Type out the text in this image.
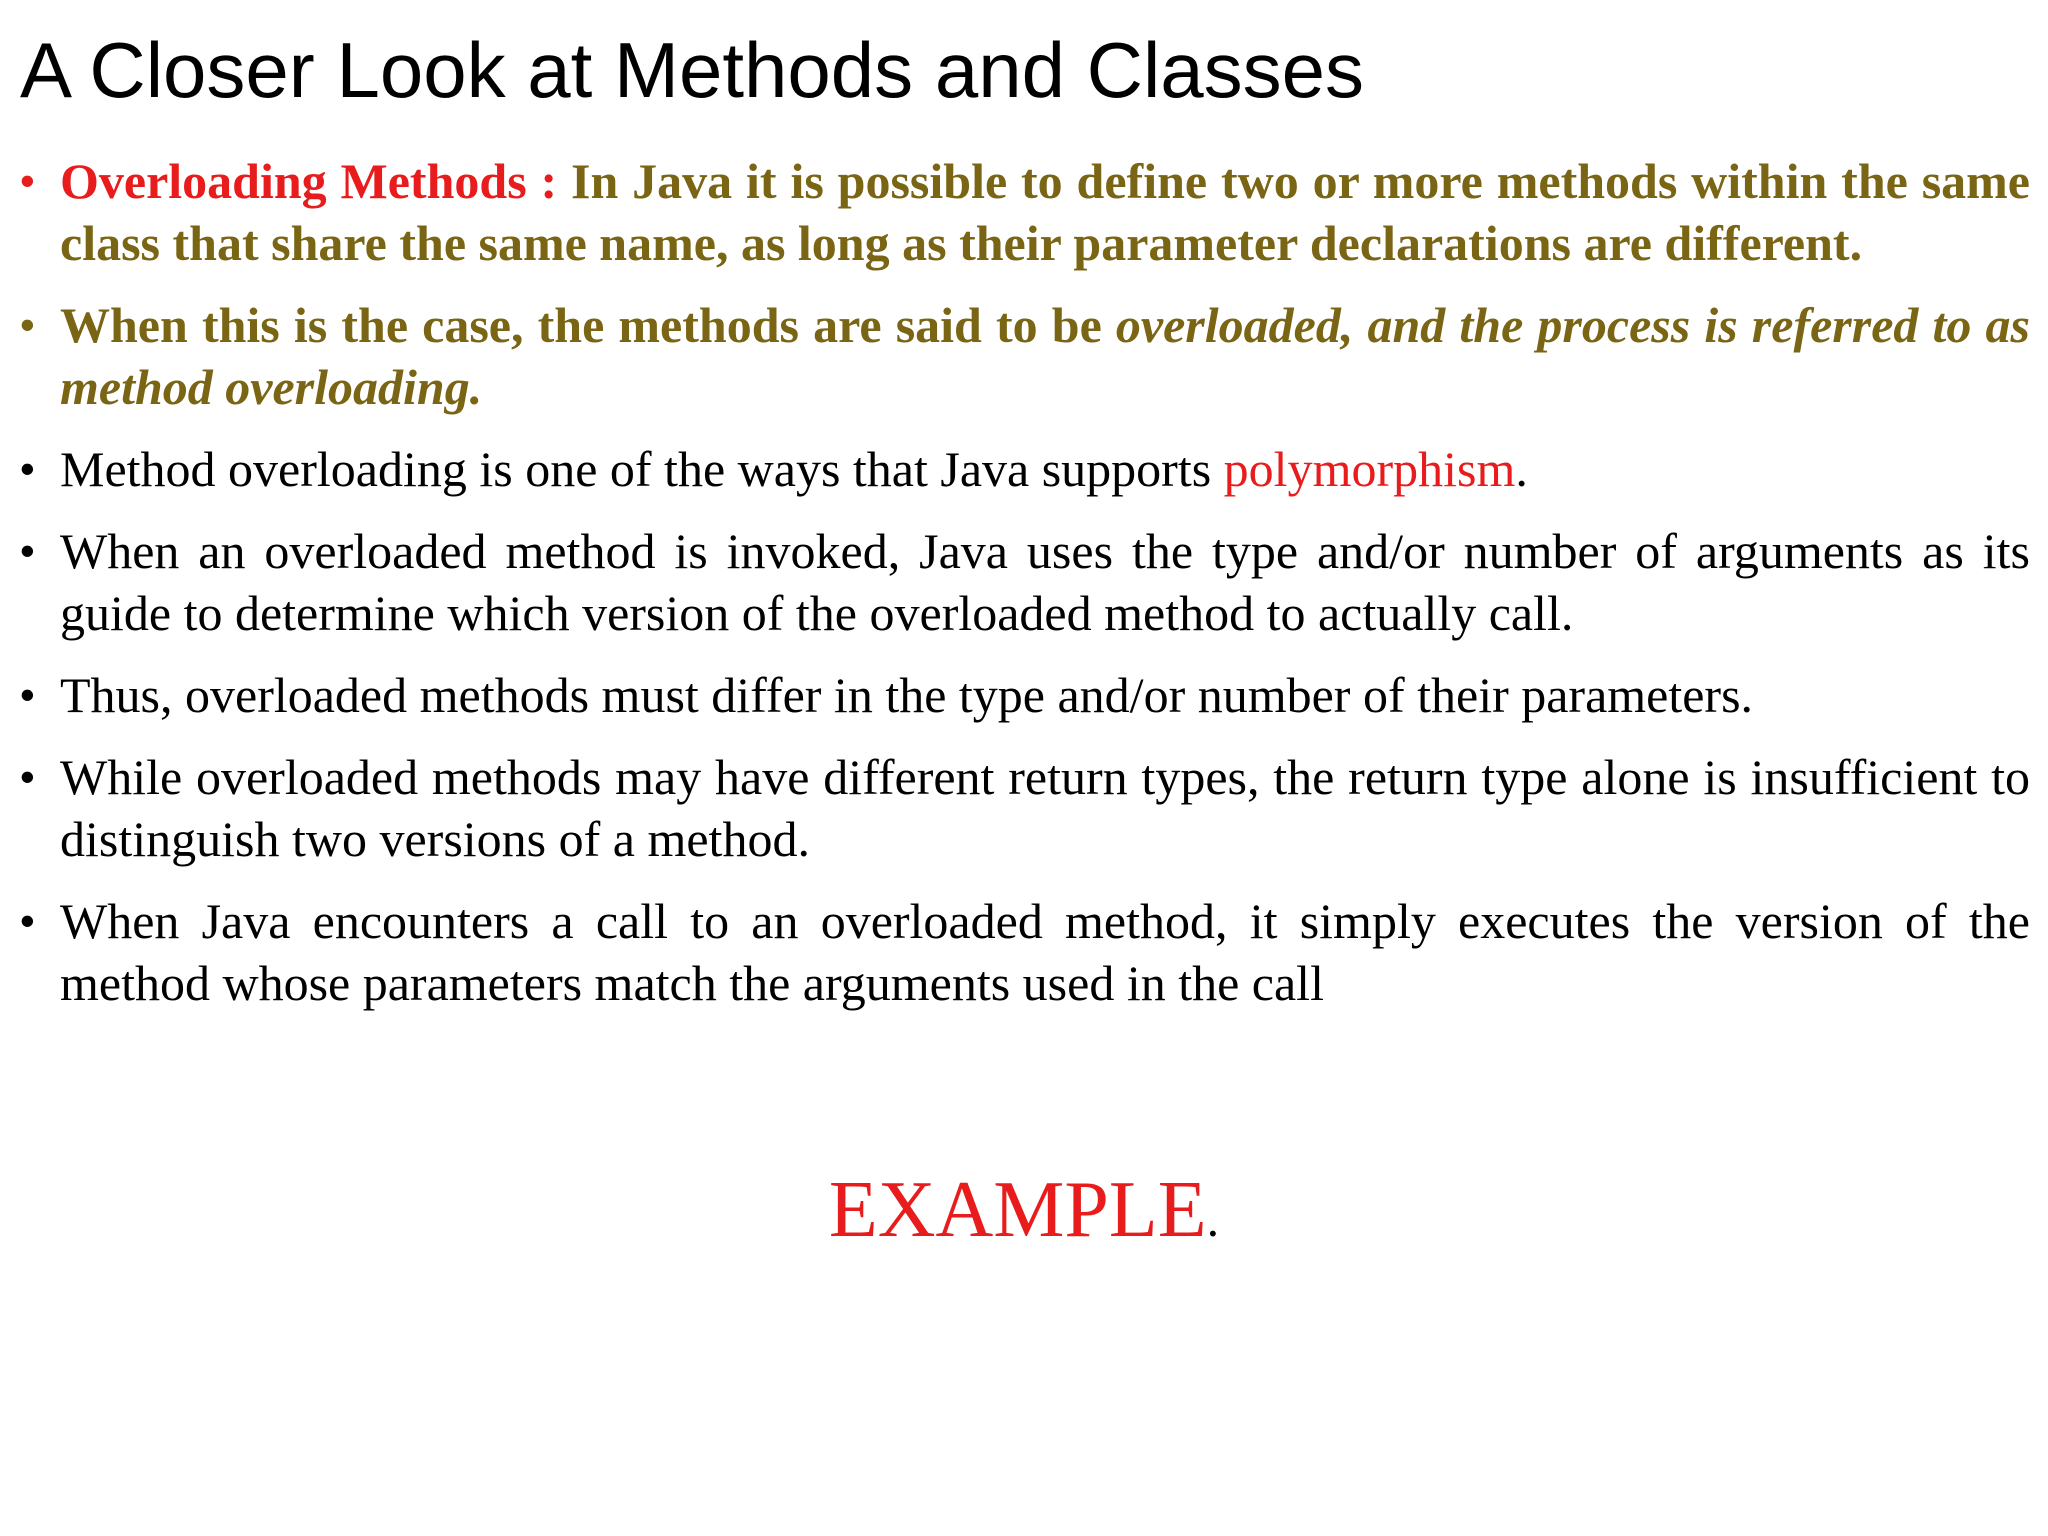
A Closer Look at Methods and Classes
• Overloading Methods : In Java it is possible to define two or more methods within the same class that share the same name, as long as their parameter declarations are different.
• When this is the case, the methods are said to be overloaded, and the process is referred to as method overloading.
• Method overloading is one of the ways that Java supports polymorphism.
• When an overloaded method is invoked, Java uses the type and/or number of arguments as its guide to determine which version of the overloaded method to actually call.
• Thus, overloaded methods must differ in the type and/or number of their parameters.
• While overloaded methods may have different return types, the return type alone is insufficient to distinguish two versions of a method.
• When Java encounters a call to an overloaded method, it simply executes the version of the method whose parameters match the arguments used in the call

EXAMPLE.
